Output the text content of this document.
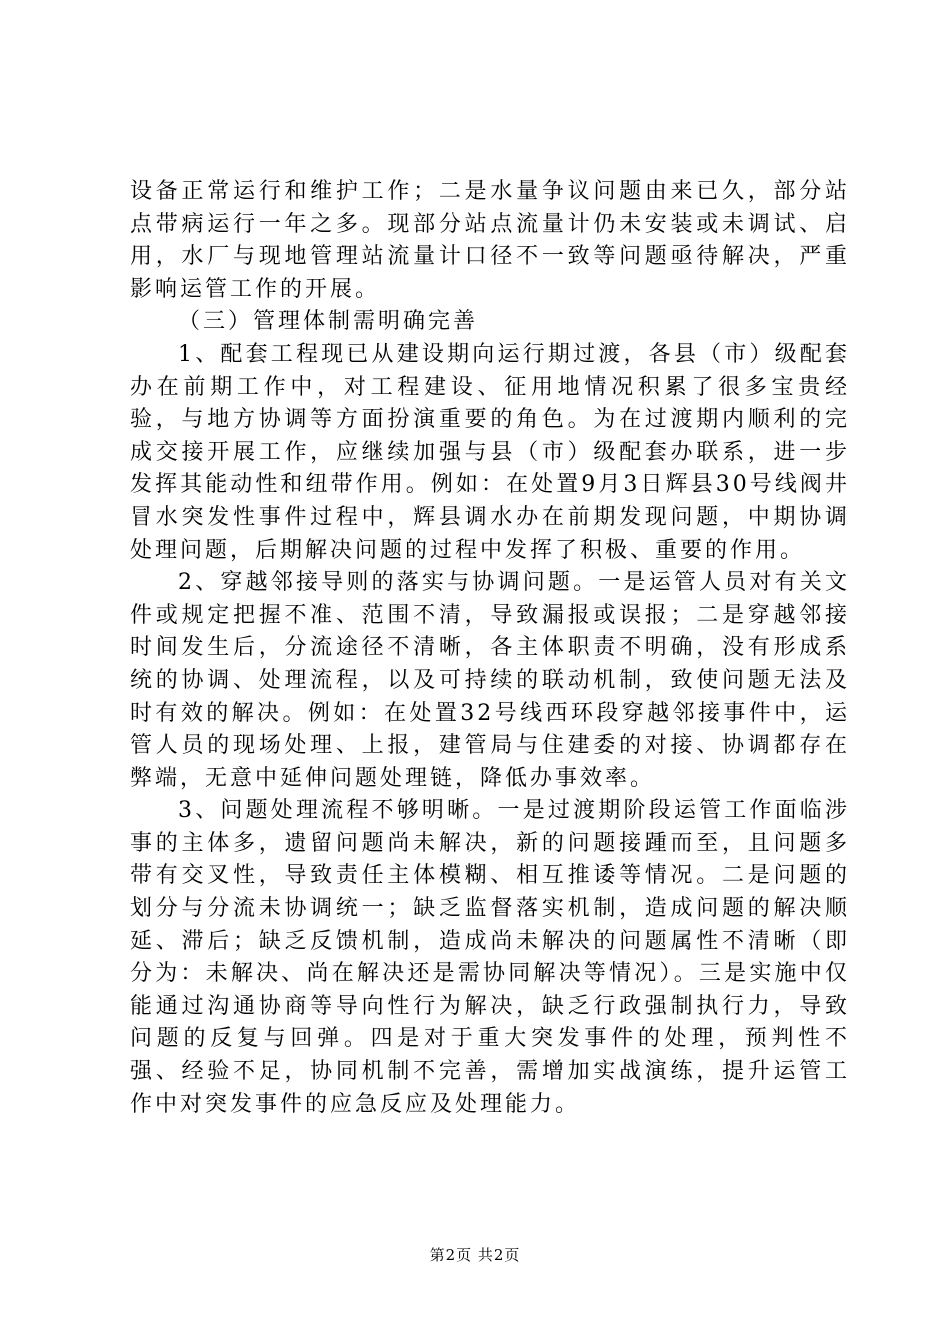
设备正常运行和维护工作；二是水量争议问题由来已久，部分站点带病运行一年之多。现部分站点流量计仍未安装或未调试、启用，水厂与现地管理站流量计口径不一致等问题亟待解决，严重影响运管工作的开展。

（三）管理体制需明确完善

1、配套工程现已从建设期向运行期过渡，各县（市）级配套办在前期工作中，对工程建设、征用地情况积累了很多宝贵经验，与地方协调等方面扮演重要的角色。为在过渡期内顺利的完成交接开展工作，应继续加强与县（市）级配套办联系，进一步发挥其能动性和纽带作用。例如：在处置9月3日辉县30号线阀井冒水突发性事件过程中，辉县调水办在前期发现问题，中期协调处理问题，后期解决问题的过程中发挥了积极、重要的作用。

2、穿越邻接导则的落实与协调问题。一是运管人员对有关文件或规定把握不准、范围不清，导致漏报或误报；二是穿越邻接时间发生后，分流途径不清晰，各主体职责不明确，没有形成系统的协调、处理流程，以及可持续的联动机制，致使问题无法及时有效的解决。例如：在处置32号线西环段穿越邻接事件中，运管人员的现场处理、上报，建管局与住建委的对接、协调都存在弊端，无意中延伸问题处理链，降低办事效率。

3、问题处理流程不够明晰。一是过渡期阶段运管工作面临涉事的主体多，遗留问题尚未解决，新的问题接踵而至，且问题多带有交叉性，导致责任主体模糊、相互推诿等情况。二是问题的划分与分流未协调统一；缺乏监督落实机制，造成问题的解决顺延、滞后；缺乏反馈机制，造成尚未解决的问题属性不清晰（即分为：未解决、尚在解决还是需协同解决等情况）。三是实施中仅能通过沟通协商等导向性行为解决，缺乏行政强制执行力，导致问题的反复与回弹。四是对于重大突发事件的处理，预判性不强、经验不足，协同机制不完善，需增加实战演练，提升运管工作中对突发事件的应急反应及处理能力。

第2页 共2页
